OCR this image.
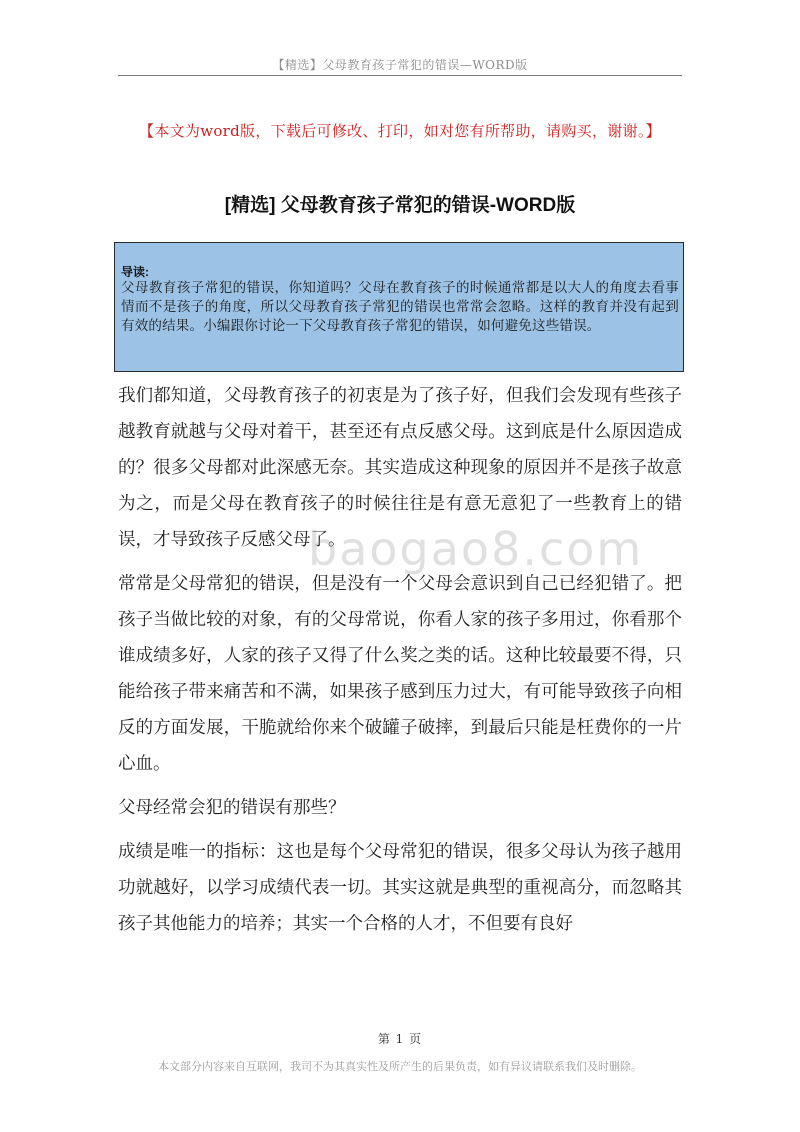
【精选】父母教育孩子常犯的错误—WORD版
【本文为word版，下载后可修改、打印，如对您有所帮助，请购买，谢谢。】
[精选] 父母教育孩子常犯的错误-WORD版
导读:
父母教育孩子常犯的错误，你知道吗？父母在教育孩子的时候通常都是以大人的角度去看事情而不是孩子的角度，所以父母教育孩子常犯的错误也常常会忽略。这样的教育并没有起到有效的结果。小编跟你讨论一下父母教育孩子常犯的错误，如何避免这些错误。

我们都知道，父母教育孩子的初衷是为了孩子好，但我们会发现有些孩子越教育就越与父母对着干，甚至还有点反感父母。这到底是什么原因造成的？很多父母都对此深感无奈。其实造成这种现象的原因并不是孩子故意为之，而是父母在教育孩子的时候往往是有意无意犯了一些教育上的错误，才导致孩子反感父母了。

常常是父母常犯的错误，但是没有一个父母会意识到自己已经犯错了。把孩子当做比较的对象，有的父母常说，你看人家的孩子多用过，你看那个谁成绩多好，人家的孩子又得了什么奖之类的话。这种比较最要不得，只能给孩子带来痛苦和不满，如果孩子感到压力过大，有可能导致孩子向相反的方面发展，干脆就给你来个破罐子破摔，到最后只能是枉费你的一片心血。

父母经常会犯的错误有那些？

成绩是唯一的指标：这也是每个父母常犯的错误，很多父母认为孩子越用功就越好，以学习成绩代表一切。其实这就是典型的重视高分，而忽略其孩子其他能力的培养；其实一个合格的人才，不但要有良好

baogao8.com
第 1 页
本文部分内容来自互联网，我司不为其真实性及所产生的后果负责，如有异议请联系我们及时删除。
